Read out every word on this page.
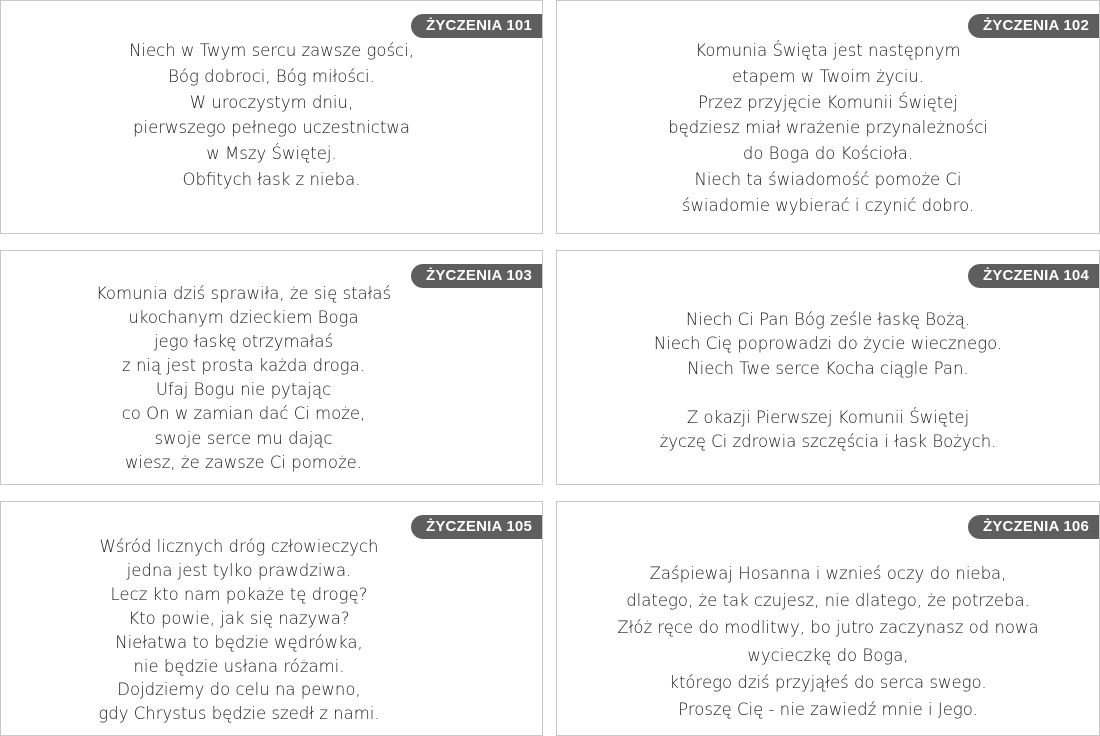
ŻYCZENIA 101

Niech w Twym sercu zawsze gości,
Bóg dobroci, Bóg miłości.
W uroczystym dniu,
pierwszego pełnego uczestnictwa
w Mszy Świętej.
Obfitych łask z nieba.

ŻYCZENIA 102

Komunia Święta jest następnym
etapem w Twoim życiu.
Przez przyjęcie Komunii Świętej
będziesz miał wrażenie przynależności
do Boga do Kościoła.
Niech ta świadomość pomoże Ci
świadomie wybierać i czynić dobro.

ŻYCZENIA 103

Komunia dziś sprawiła, że się stałaś
ukochanym dzieckiem Boga
jego łaskę otrzymałaś
z nią jest prosta każda droga.
Ufaj Bogu nie pytając
co On w zamian dać Ci może,
swoje serce mu dając
wiesz, że zawsze Ci pomoże.

ŻYCZENIA 104

Niech Ci Pan Bóg ześle łaskę Bożą.
Niech Cię poprowadzi do życie wiecznego.
Niech Twe serce Kocha ciągle Pan.

Z okazji Pierwszej Komunii Świętej
życzę Ci zdrowia szczęścia i łask Bożych.

ŻYCZENIA 105

Wśród licznych dróg człowieczych
jedna jest tylko prawdziwa.
Lecz kto nam pokaże tę drogę?
Kto powie, jak się nazywa?
Niełatwa to będzie wędrówka,
nie będzie usłana różami.
Dojdziemy do celu na pewno,
gdy Chrystus będzie szedł z nami.

ŻYCZENIA 106

Zaśpiewaj Hosanna i wznieś oczy do nieba,
dlatego, że tak czujesz, nie dlatego, że potrzeba.
Złóż ręce do modlitwy, bo jutro zaczynasz od nowa
wycieczkę do Boga,
którego dziś przyjąłeś do serca swego.
Proszę Cię - nie zawiedź mnie i Jego.
